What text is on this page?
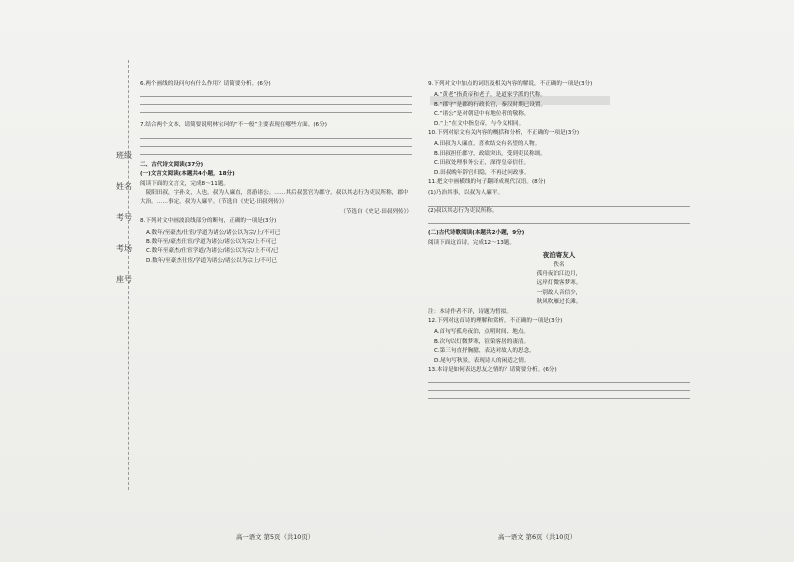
班级
姓名
考号
考场
座号
6.两个画线的设问句有什么作用？请简要分析。(6分)
7.结合两个文本，请简要说明林宝珂的“不一般”主要表现在哪些方面。(6分)
二、古代诗文阅读(37分)
(一)文言文阅读(本题共4小题，18分)
阅读下面的文言文，完成8～11题。
陵阳田叔，字孙文，人也。叔为人廉直，喜游诸公。……其后叔罢官为郡守，叔以其志行为吏民所称，郡中大治。……事定，叔为人廉平。（节选自《史记·田叔列传》）
（节选自《史记·田叔列传》）
8.下列对文中画波浪线部分的断句，正确的一项是(3分)
A.数年/至豪杰/仕宦/学道为诸公/诸公以为宗/上/不可已
B.数年至/豪杰仕宦/学道为诸公/诸公以为宗/上不可已
C.数年至豪杰/仕宦学道/为诸公/诸公以为宗/上不可/已
D.数年/至豪杰仕宦/学道为诸公/诸公以为宗上/不可已
9.下列对文中加点的词语及相关内容的解说，不正确的一项是(3分)
A.“黄老”指黄帝和老子，是道家学派的代称。
B.“郡守”是郡的行政长官，秦汉时期已设置。
C.“诸公”是对朝廷中有地位者的敬称。
D.“上”在文中指皇帝，与今义相同。
10.下列对原文有关内容的概括和分析，不正确的一项是(3分)
A.田叔为人廉直，喜欢结交有名望的人物。
B.田叔担任郡守，政绩突出，受到吏民称颂。
C.田叔处理事务公正，深得皇帝信任。
D.田叔晚年辞官归隐，不再过问政事。
11.把文中画横线的句子翻译成现代汉语。(8分)
(1)乃治其事，以叔为人廉平。
(2)叔以其志行为吏民所称。
(二)古代诗歌阅读(本题共2小题，9分)
阅读下面这首诗，完成12～13题。
夜泊寄友人
佚名
孤舟夜泊江边月，
远岸灯微客梦寒。
一别故人音信少，
秋风吹雁过长滩。
注：本诗作者不详，诗题为暂拟。
12.下列对这首诗的理解和赏析，不正确的一项是(3分)
A.首句写孤舟夜泊，点明时间、地点。
B.次句以灯微梦寒，渲染客居的凄清。
C.第三句直抒胸臆，表达对故人的思念。
D.尾句写秋景，表现诗人的闲适之情。
13.本诗是如何表达思友之情的？请简要分析。(6分)
高一语文 第5页（共10页）	高一语文 第6页（共10页）
